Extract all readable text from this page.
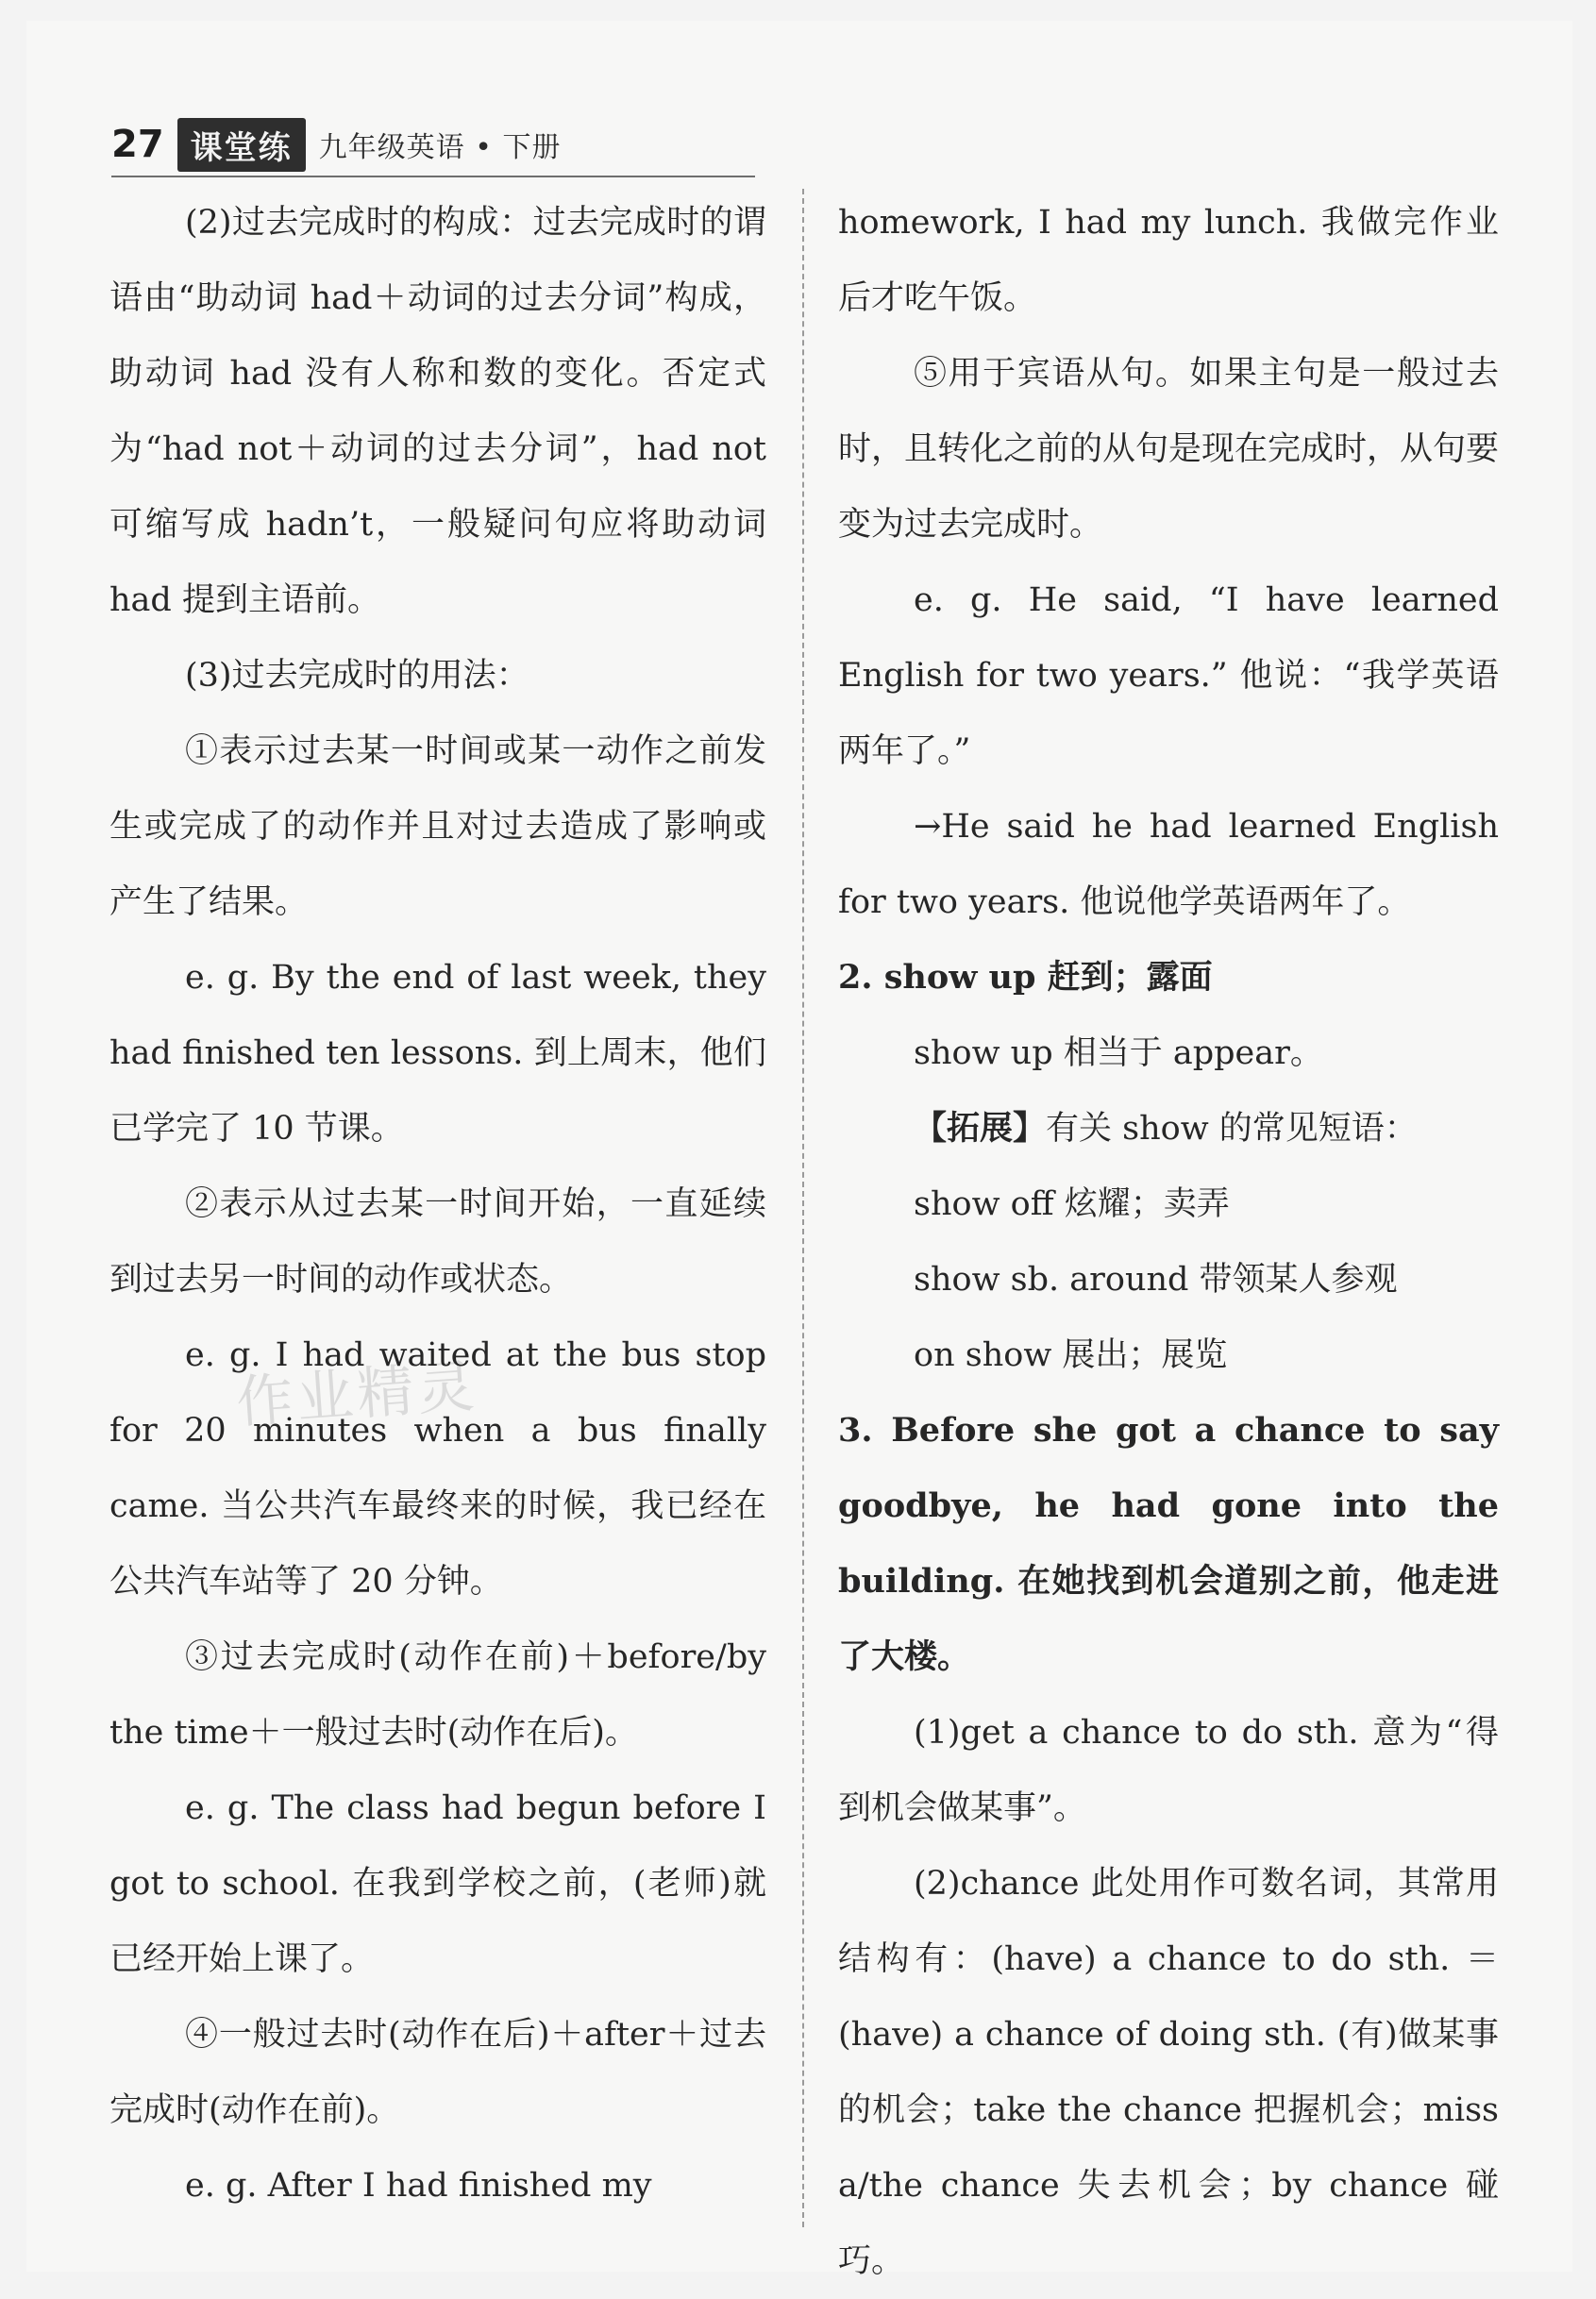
27 课堂练 九年级英语 • 下册
作业精灵

(2)过去完成时的构成：过去完成时的谓语由“助动词 had＋动词的过去分词”构成，助动词 had 没有人称和数的变化。否定式为“had not＋动词的过去分词”，had not 可缩写成 hadn’t，一般疑问句应将助动词 had 提到主语前。

(3)过去完成时的用法：

①表示过去某一时间或某一动作之前发生或完成了的动作并且对过去造成了影响或产生了结果。

e. g. By the end of last week, they had finished ten lessons. 到上周末，他们已学完了 10 节课。

②表示从过去某一时间开始，一直延续到过去另一时间的动作或状态。

e. g. I had waited at the bus stop for 20 minutes when a bus finally came. 当公共汽车最终来的时候，我已经在公共汽车站等了 20 分钟。

③过去完成时(动作在前)＋before/by the time＋一般过去时(动作在后)。

e. g. The class had begun before I got to school. 在我到学校之前，(老师)就已经开始上课了。

④一般过去时(动作在后)＋after＋过去完成时(动作在前)。

e. g. After I had finished my

homework, I had my lunch. 我做完作业后才吃午饭。

⑤用于宾语从句。如果主句是一般过去时，且转化之前的从句是现在完成时，从句要变为过去完成时。

e. g. He said, “I have learned English for two years.” 他说：“我学英语两年了。”

→He said he had learned English for two years. 他说他学英语两年了。

2. show up 赶到；露面

show up 相当于 appear。

【拓展】有关 show 的常见短语：

show off 炫耀；卖弄

show sb. around 带领某人参观

on show 展出；展览

3. Before she got a chance to say goodbye, he had gone into the building. 在她找到机会道别之前，他走进了大楼。

(1)get a chance to do sth. 意为“得到机会做某事”。

(2)chance 此处用作可数名词，其常用结构有：(have) a chance to do sth. ＝(have) a chance of doing sth. (有)做某事的机会；take the chance 把握机会；miss a/the chance 失去机会；by chance 碰巧。
